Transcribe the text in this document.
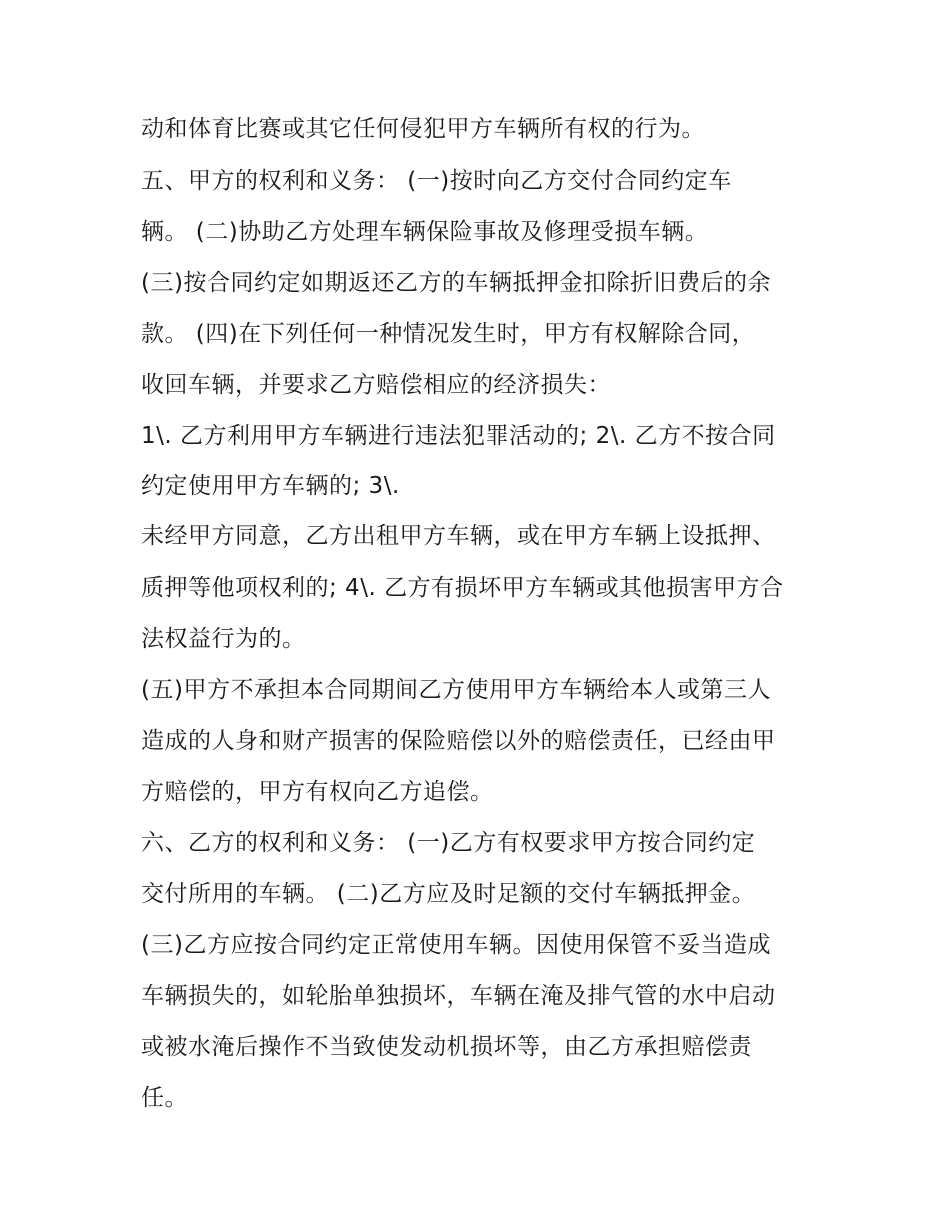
动和体育比赛或其它任何侵犯甲方车辆所有权的行为。
五、甲方的权利和义务： (一)按时向乙方交付合同约定车
辆。 (二)协助乙方处理车辆保险事故及修理受损车辆。
(三)按合同约定如期返还乙方的车辆抵押金扣除折旧费后的余
款。 (四)在下列任何一种情况发生时，甲方有权解除合同，
收回车辆，并要求乙方赔偿相应的经济损失：
1\. 乙方利用甲方车辆进行违法犯罪活动的; 2\. 乙方不按合同
约定使用甲方车辆的; 3\.
未经甲方同意，乙方出租甲方车辆，或在甲方车辆上设抵押、
质押等他项权利的; 4\. 乙方有损坏甲方车辆或其他损害甲方合
法权益行为的。
(五)甲方不承担本合同期间乙方使用甲方车辆给本人或第三人
造成的人身和财产损害的保险赔偿以外的赔偿责任，已经由甲
方赔偿的，甲方有权向乙方追偿。
六、乙方的权利和义务： (一)乙方有权要求甲方按合同约定
交付所用的车辆。 (二)乙方应及时足额的交付车辆抵押金。
(三)乙方应按合同约定正常使用车辆。因使用保管不妥当造成
车辆损失的，如轮胎单独损坏，车辆在淹及排气管的水中启动
或被水淹后操作不当致使发动机损坏等，由乙方承担赔偿责
任。
